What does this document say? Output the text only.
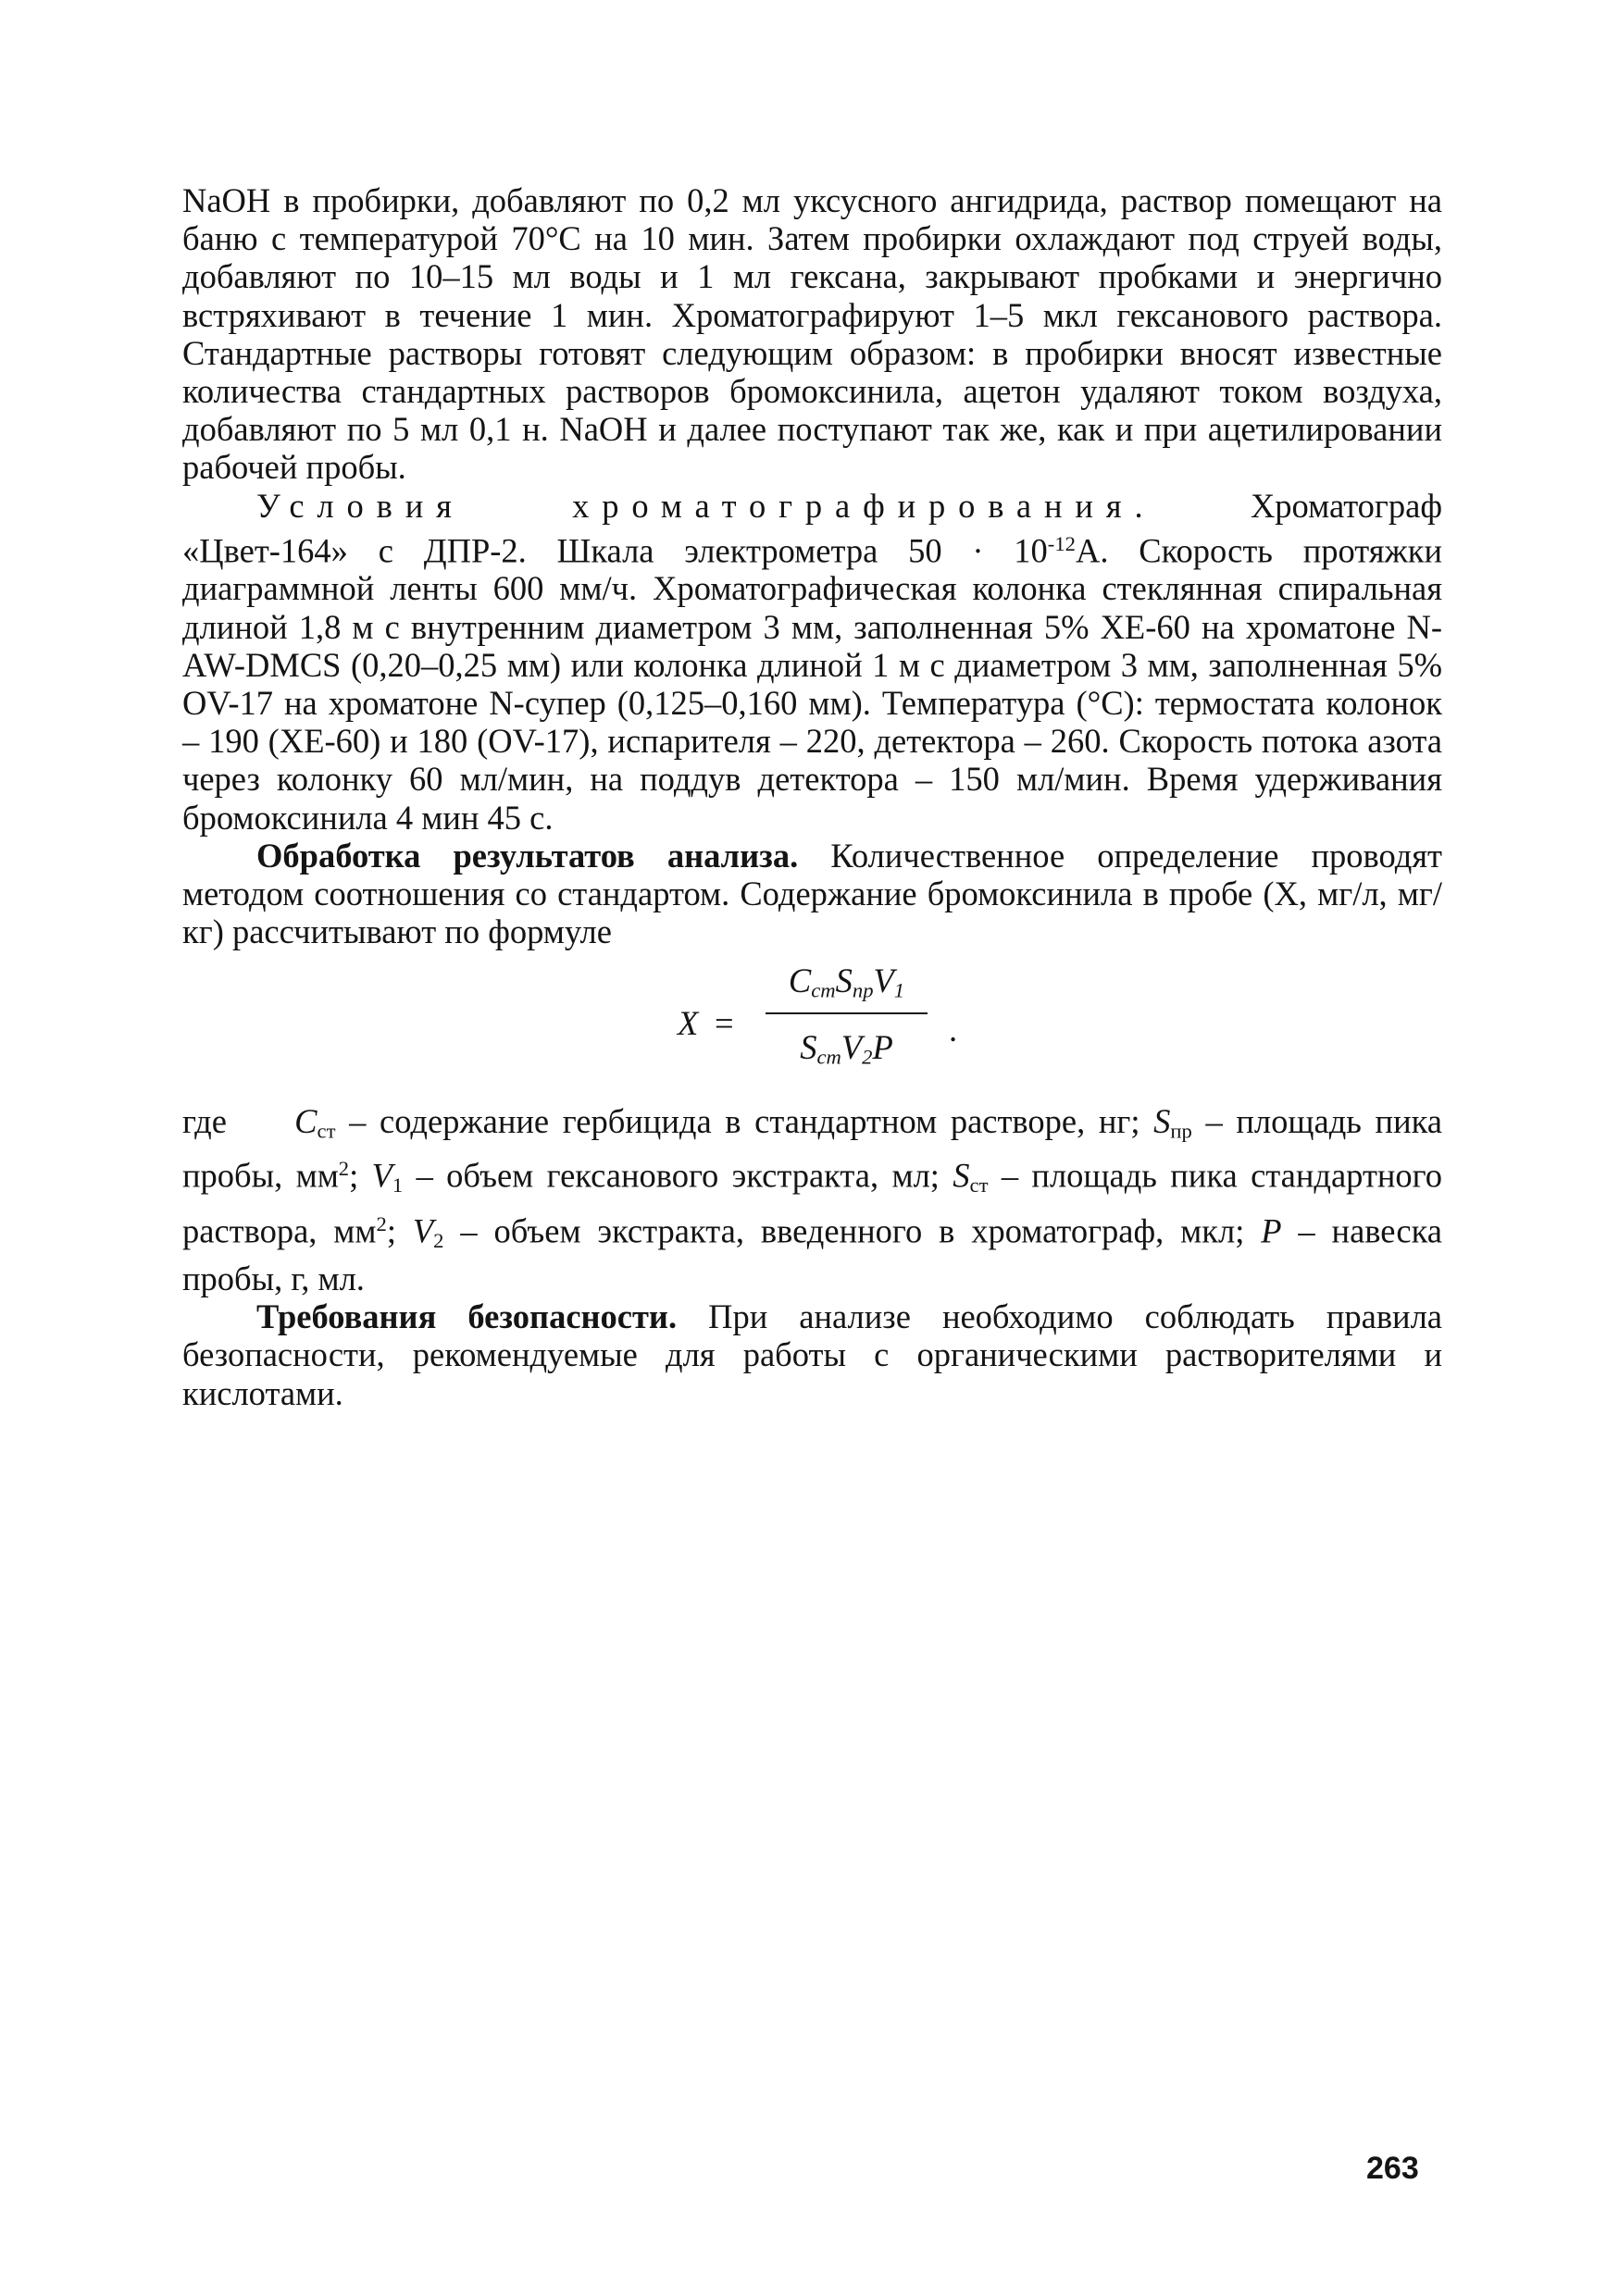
NaOH в пробирки, добавляют по 0,2 мл уксусного ангидрида, раствор помещают на баню с температурой 70°С на 10 мин. Затем пробирки охлаждают под струей воды, добавляют по 10–15 мл воды и 1 мл гексана, закрывают пробками и энергично встряхивают в течение 1 мин. Хроматографируют 1–5 мкл гексанового раствора. Стандартные растворы готовят следующим образом: в пробирки вносят известные количества стандартных растворов бромоксинила, ацетон удаляют током воздуха, добавляют по 5 мл 0,1 н. NaOH и далее поступают так же, как и при ацетилировании рабочей пробы.

Условия хроматографирования.	Хроматограф «Цвет-164» с ДПР-2. Шкала электрометра $50 \cdot 10^{-12}А$. Скорость протяжки диаграммной ленты 600 мм/ч. Хроматографическая колонка стеклянная спиральная длиной 1,8 м с внутренним диаметром 3 мм, заполненная 5% XE-60 на хроматоне N-AW-DMCS (0,20–0,25 мм) или колонка длиной 1 м с диаметром 3 мм, заполненная 5% OV-17 на хроматоне N-супер (0,125–0,160 мм). Температура (°С): термостата колонок – 190 (XE-60) и 180 (OV-17), испарителя – 220, детектора – 260. Скорость потока азота через колонку 60 мл/мин, на поддув детектора – 150 мл/мин. Время удерживания бромоксинила 4 мин 45 с.

Обработка результатов анализа. Количественное определение проводят методом соотношения со стандартом. Содержание бромоксинила в пробе (X, мг/л, мг/кг) рассчитывают по формуле

X =
$C_{ст}S_{пр}V_1$
$S_{ст}V_2P$	.

где $C_{ст}$ – содержание гербицида в стандартном растворе, нг; $S_{пр}$ – площадь пика пробы, $мм^2$; $V_1$ – объем гексанового экстракта, мл; $S_{ст}$ – площадь пика стандартного раствора, $мм^2$; $V_2$ – объем экстракта, введенного в хроматограф, мкл; P – навеска пробы, г, мл.

Требования безопасности. При анализе необходимо соблюдать правила безопасности, рекомендуемые для работы с органическими растворителями и кислотами.

263
